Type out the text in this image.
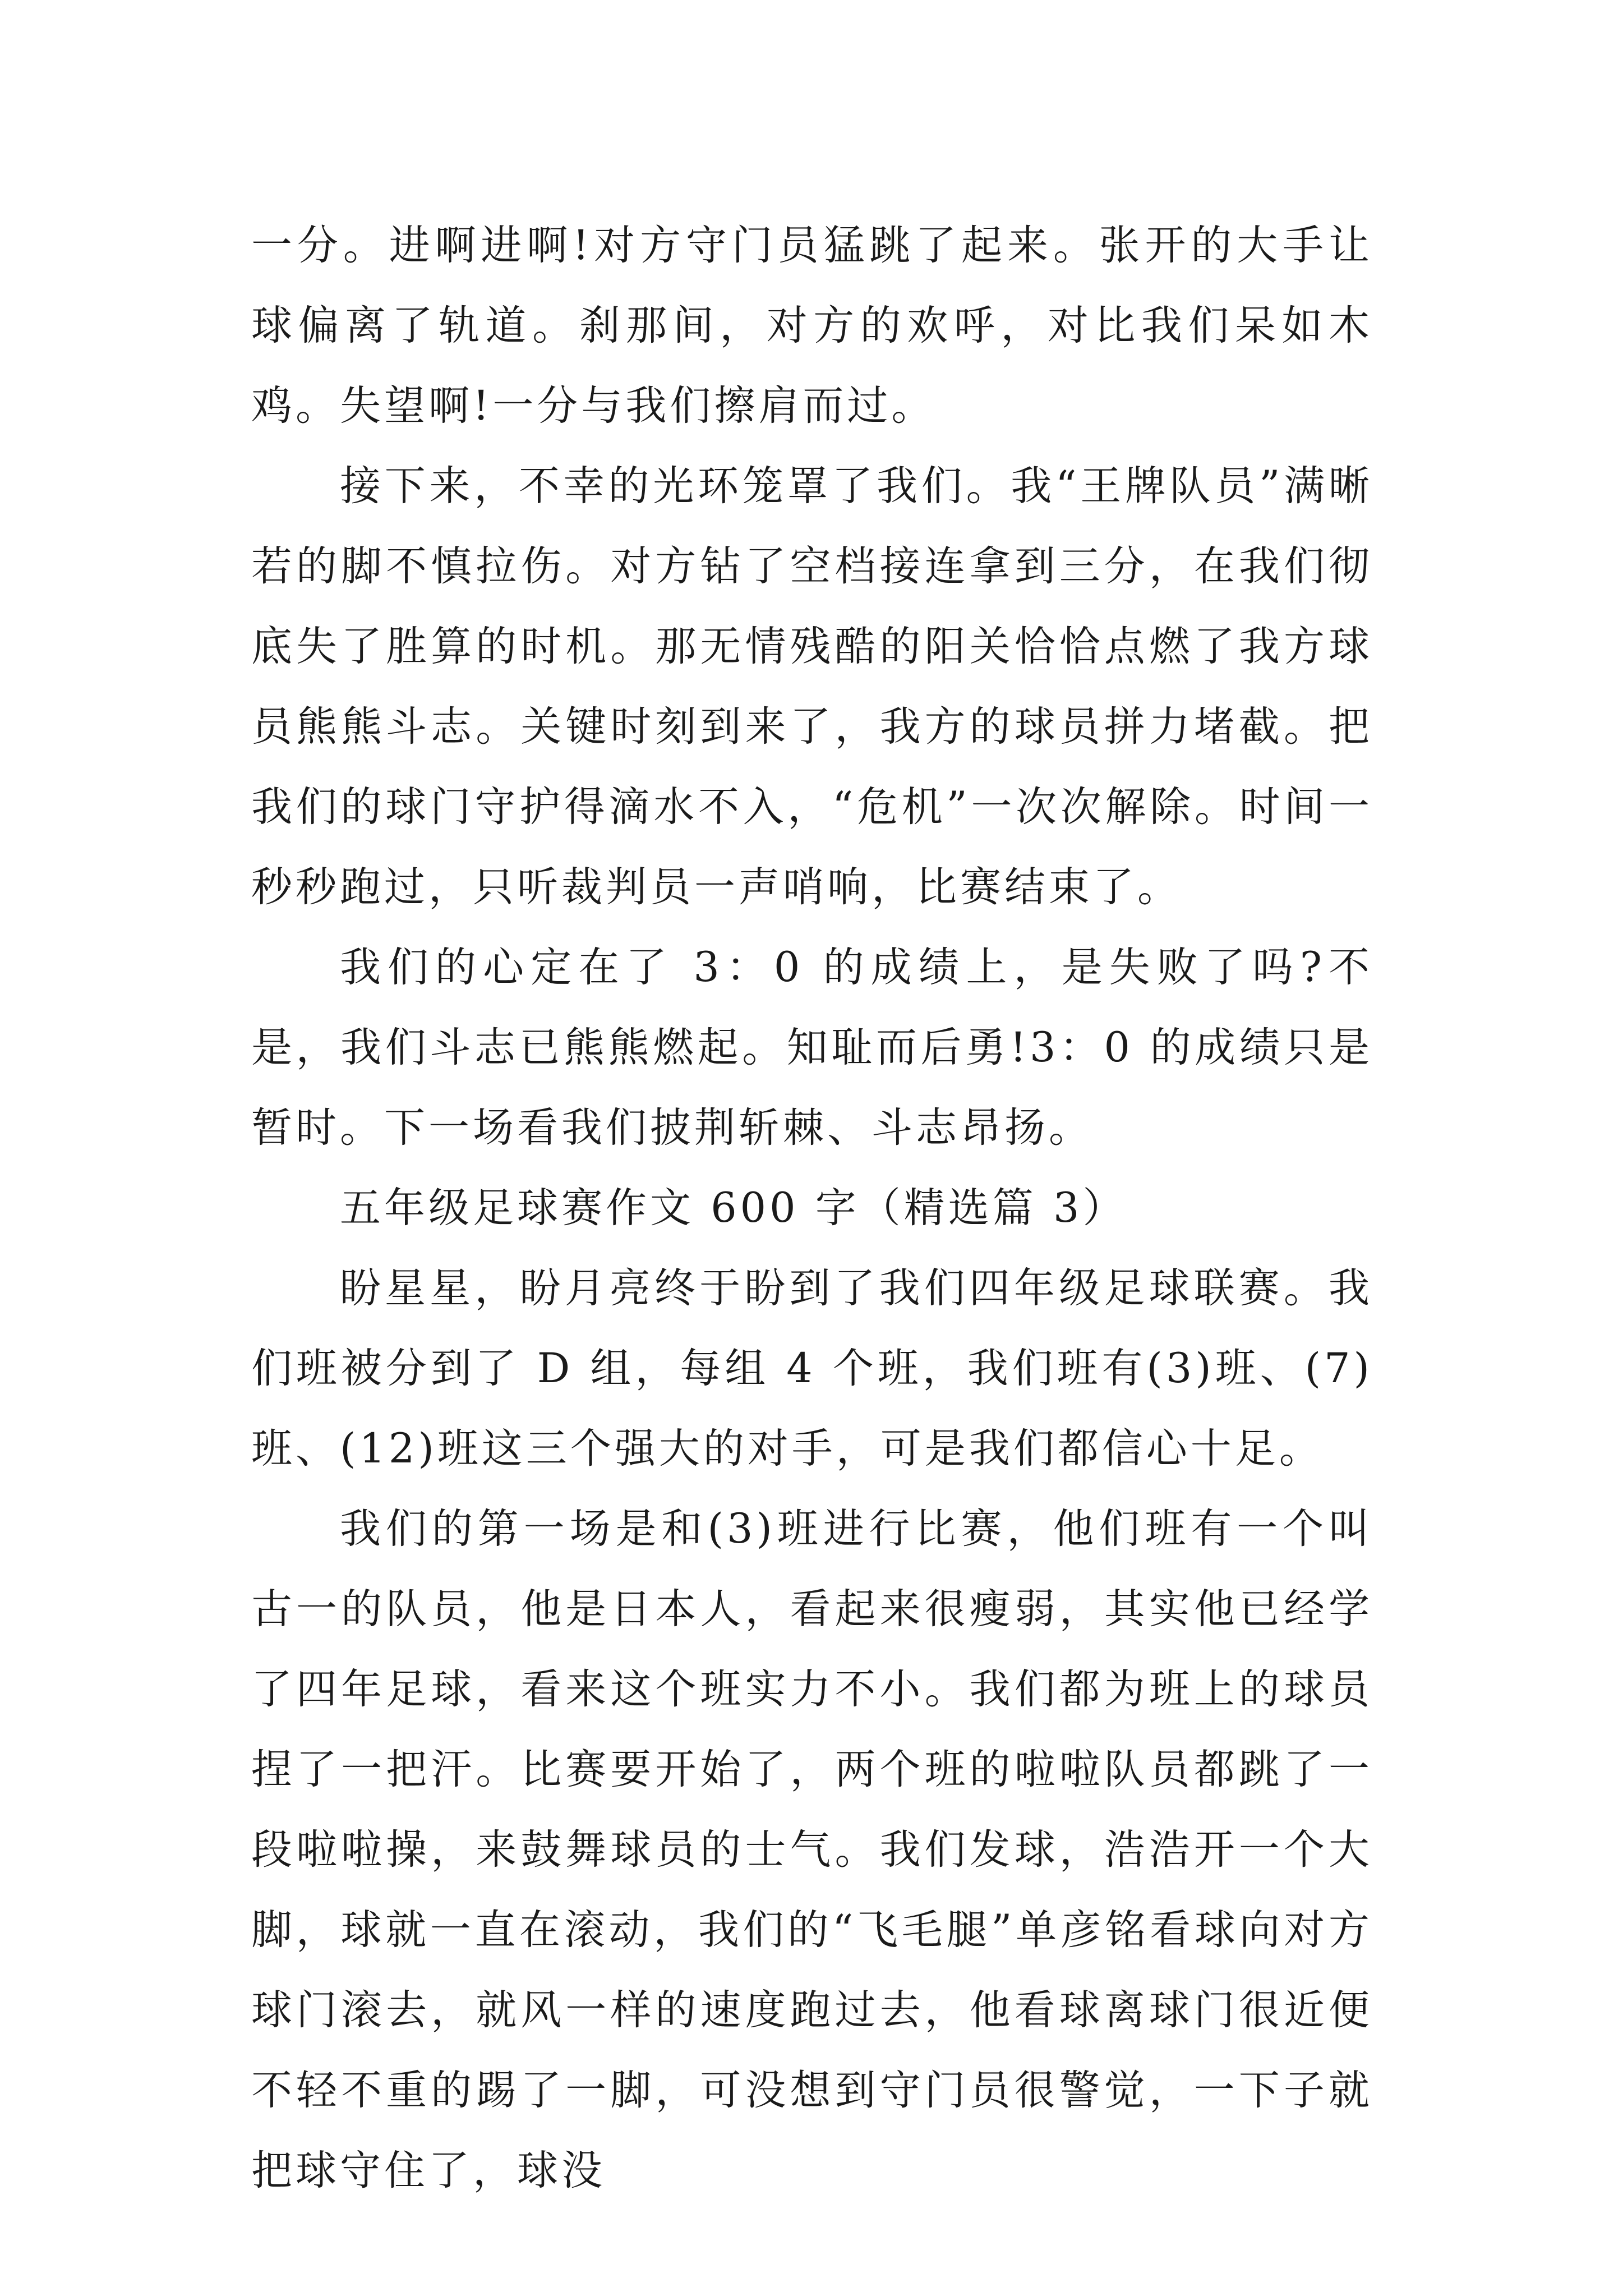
一分。进啊进啊!对方守门员猛跳了起来。张开的大手让球偏离了轨道。刹那间，对方的欢呼，对比我们呆如木鸡。失望啊!一分与我们擦肩而过。

接下来，不幸的光环笼罩了我们。我“王牌队员”满晰若的脚不慎拉伤。对方钻了空档接连拿到三分，在我们彻底失了胜算的时机。那无情残酷的阳关恰恰点燃了我方球员熊熊斗志。关键时刻到来了，我方的球员拼力堵截。把我们的球门守护得滴水不入，“危机”一次次解除。时间一秒秒跑过，只听裁判员一声哨响，比赛结束了。

我们的心定在了 3：0 的成绩上，是失败了吗?不是，我们斗志已熊熊燃起。知耻而后勇!3：0 的成绩只是暂时。下一场看我们披荆斩棘、斗志昂扬。

五年级足球赛作文 600 字（精选篇 3）

盼星星，盼月亮终于盼到了我们四年级足球联赛。我们班被分到了 D 组，每组 4 个班，我们班有(3)班、(7)班、(12)班这三个强大的对手，可是我们都信心十足。

我们的第一场是和(3)班进行比赛，他们班有一个叫古一的队员，他是日本人，看起来很瘦弱，其实他已经学了四年足球，看来这个班实力不小。我们都为班上的球员捏了一把汗。比赛要开始了，两个班的啦啦队员都跳了一段啦啦操，来鼓舞球员的士气。我们发球，浩浩开一个大脚，球就一直在滚动，我们的“飞毛腿”单彦铭看球向对方球门滚去，就风一样的速度跑过去，他看球离球门很近便不轻不重的踢了一脚，可没想到守门员很警觉，一下子就把球守住了，球没
